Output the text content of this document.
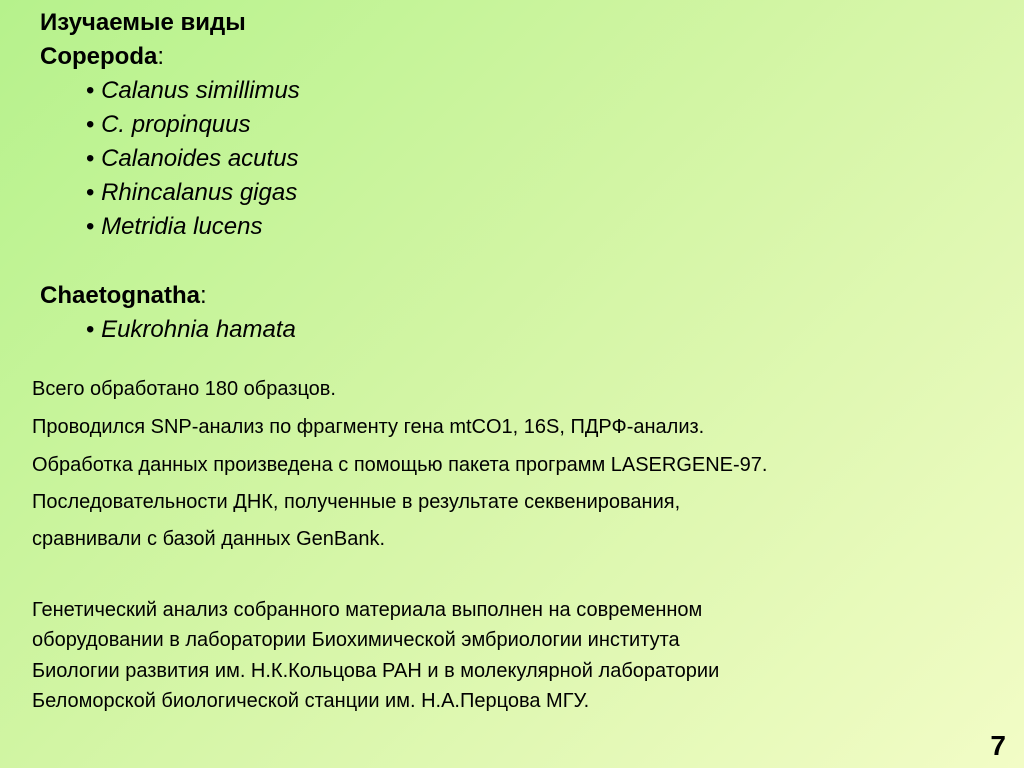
Изучаемые виды
Copepoda:
• Calanus simillimus
• C. propinquus
• Calanoides acutus
• Rhincalanus gigas
• Metridia lucens
Chaetognatha:
• Eukrohnia hamata
Всего обработано 180 образцов.
Проводился SNP-анализ по фрагменту гена mtCO1, 16S, ПДРФ-анализ.
Обработка данных произведена с помощью пакета программ LASERGENE-97.
Последовательности ДНК, полученные в результате секвенирования,
сравнивали с базой данных GenBank.
Генетический анализ собранного материала выполнен на современном
оборудовании в лаборатории Биохимической эмбриологии института
Биологии развития им. Н.К.Кольцова РАН и в молекулярной лаборатории
Беломорской биологической станции им. Н.А.Перцова МГУ.
7
